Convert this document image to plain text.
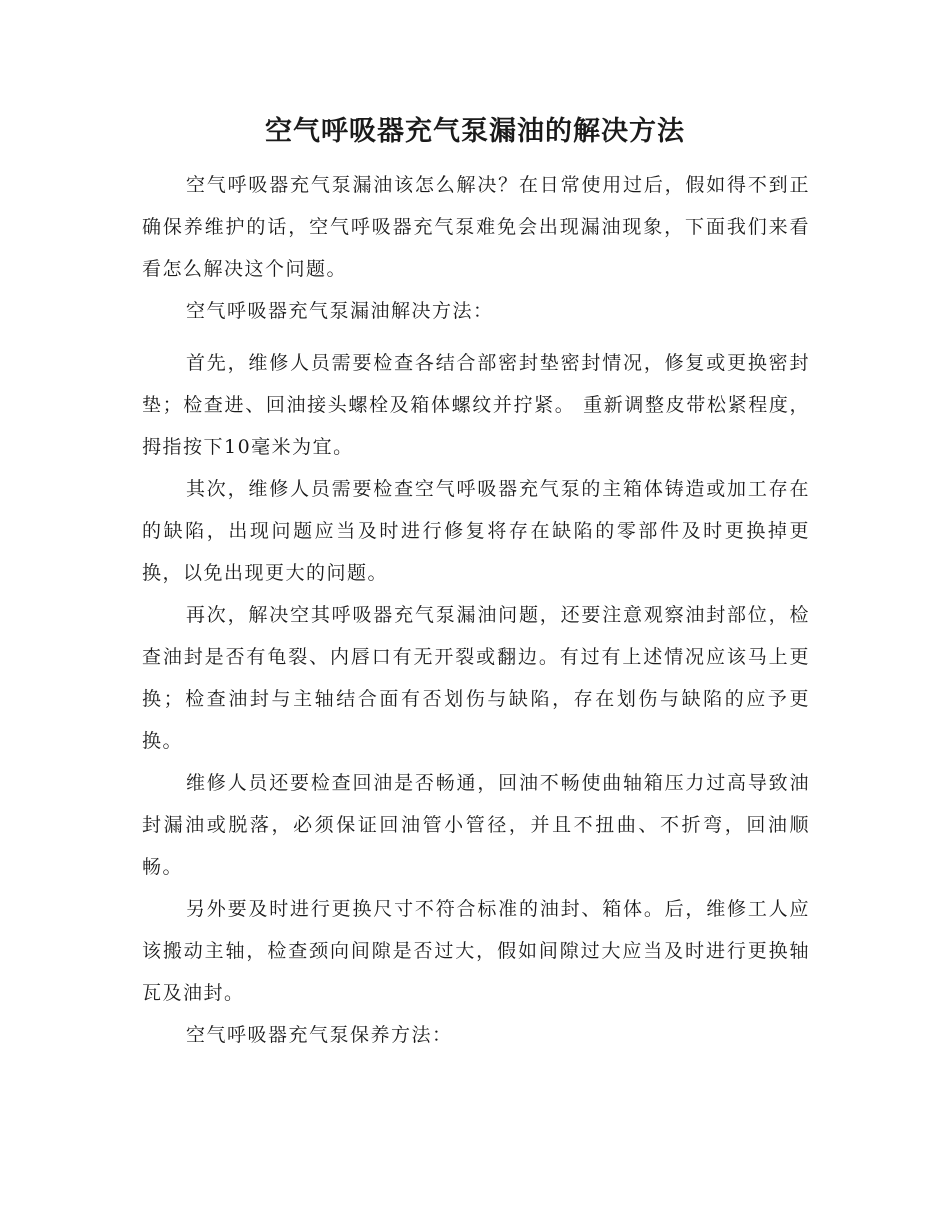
空气呼吸器充气泵漏油的解决方法

空气呼吸器充气泵漏油该怎么解决？在日常使用过后，假如得不到正确保养维护的话，空气呼吸器充气泵难免会出现漏油现象，下面我们来看看怎么解决这个问题。

空气呼吸器充气泵漏油解决方法：

首先，维修人员需要检查各结合部密封垫密封情况，修复或更换密封垫；检查进、回油接头螺栓及箱体螺纹并拧紧。 重新调整皮带松紧程度，拇指按下10毫米为宜。

其次，维修人员需要检查空气呼吸器充气泵的主箱体铸造或加工存在的缺陷，出现问题应当及时进行修复将存在缺陷的零部件及时更换掉更换，以免出现更大的问题。

再次，解决空其呼吸器充气泵漏油问题，还要注意观察油封部位，检查油封是否有龟裂、内唇口有无开裂或翻边。有过有上述情况应该马上更换；检查油封与主轴结合面有否划伤与缺陷，存在划伤与缺陷的应予更换。

维修人员还要检查回油是否畅通，回油不畅使曲轴箱压力过高导致油封漏油或脱落，必须保证回油管小管径，并且不扭曲、不折弯，回油顺畅。

另外要及时进行更换尺寸不符合标准的油封、箱体。后，维修工人应该搬动主轴，检查颈向间隙是否过大，假如间隙过大应当及时进行更换轴瓦及油封。

空气呼吸器充气泵保养方法：
